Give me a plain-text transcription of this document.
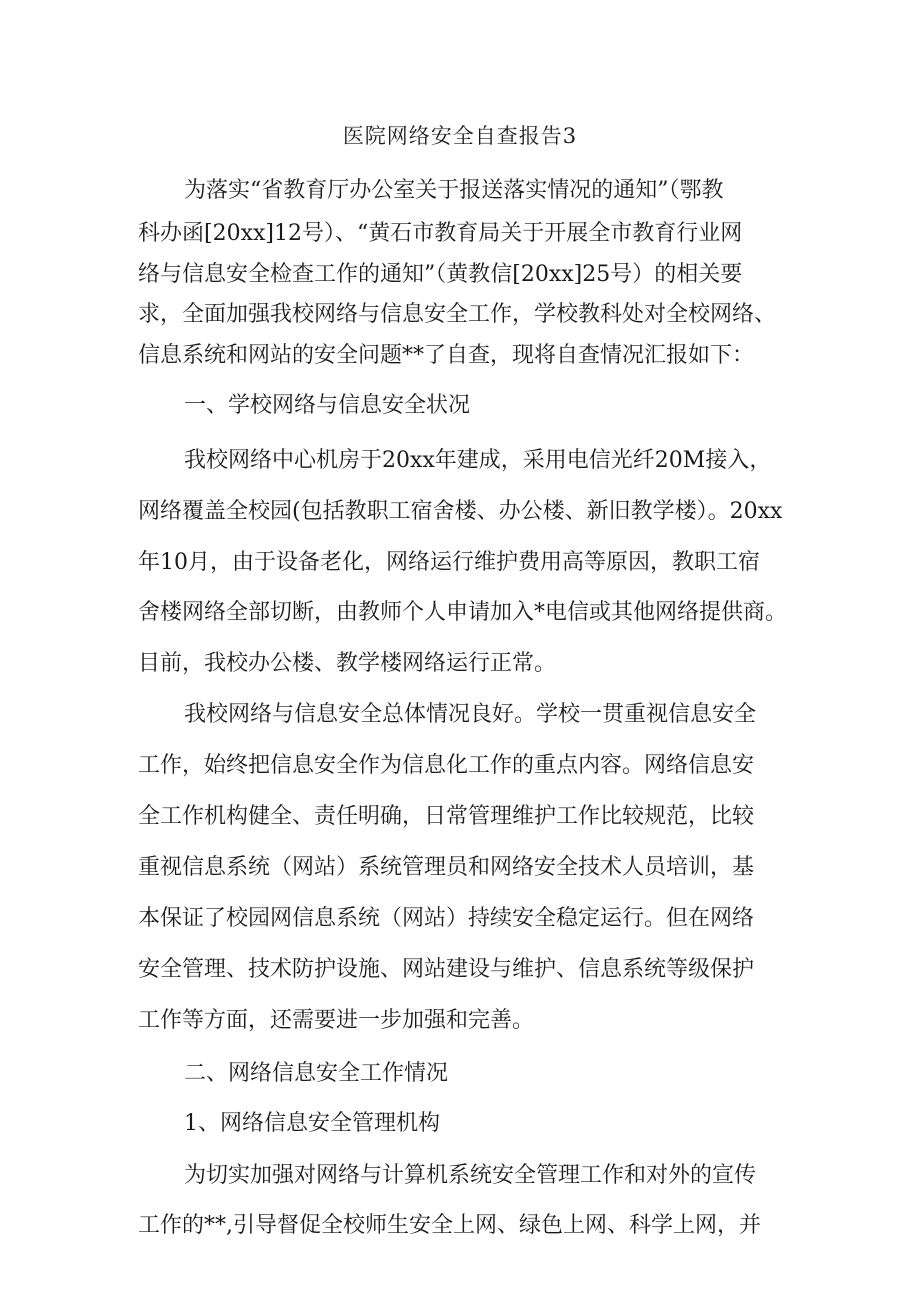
医院网络安全自查报告3
为落实“省教育厅办公室关于报送落实情况的通知”（鄂教
科办函[20xx]12号）、“黄石市教育局关于开展全市教育行业网
络与信息安全检查工作的通知”（黄教信[20xx]25号）的相关要
求，全面加强我校网络与信息安全工作，学校教科处对全校网络、
信息系统和网站的安全问题**了自查，现将自查情况汇报如下：
一、学校网络与信息安全状况
我校网络中心机房于20xx年建成，采用电信光纤20M接入，
网络覆盖全校园(包括教职工宿舍楼、办公楼、新旧教学楼）。20xx
年10月，由于设备老化，网络运行维护费用高等原因，教职工宿
舍楼网络全部切断，由教师个人申请加入*电信或其他网络提供商。
目前，我校办公楼、教学楼网络运行正常。
我校网络与信息安全总体情况良好。学校一贯重视信息安全
工作，始终把信息安全作为信息化工作的重点内容。网络信息安
全工作机构健全、责任明确，日常管理维护工作比较规范，比较
重视信息系统（网站）系统管理员和网络安全技术人员培训，基
本保证了校园网信息系统（网站）持续安全稳定运行。但在网络
安全管理、技术防护设施、网站建设与维护、信息系统等级保护
工作等方面，还需要进一步加强和完善。
二、网络信息安全工作情况
1、网络信息安全管理机构
为切实加强对网络与计算机系统安全管理工作和对外的宣传
工作的**,引导督促全校师生安全上网、绿色上网、科学上网，并
